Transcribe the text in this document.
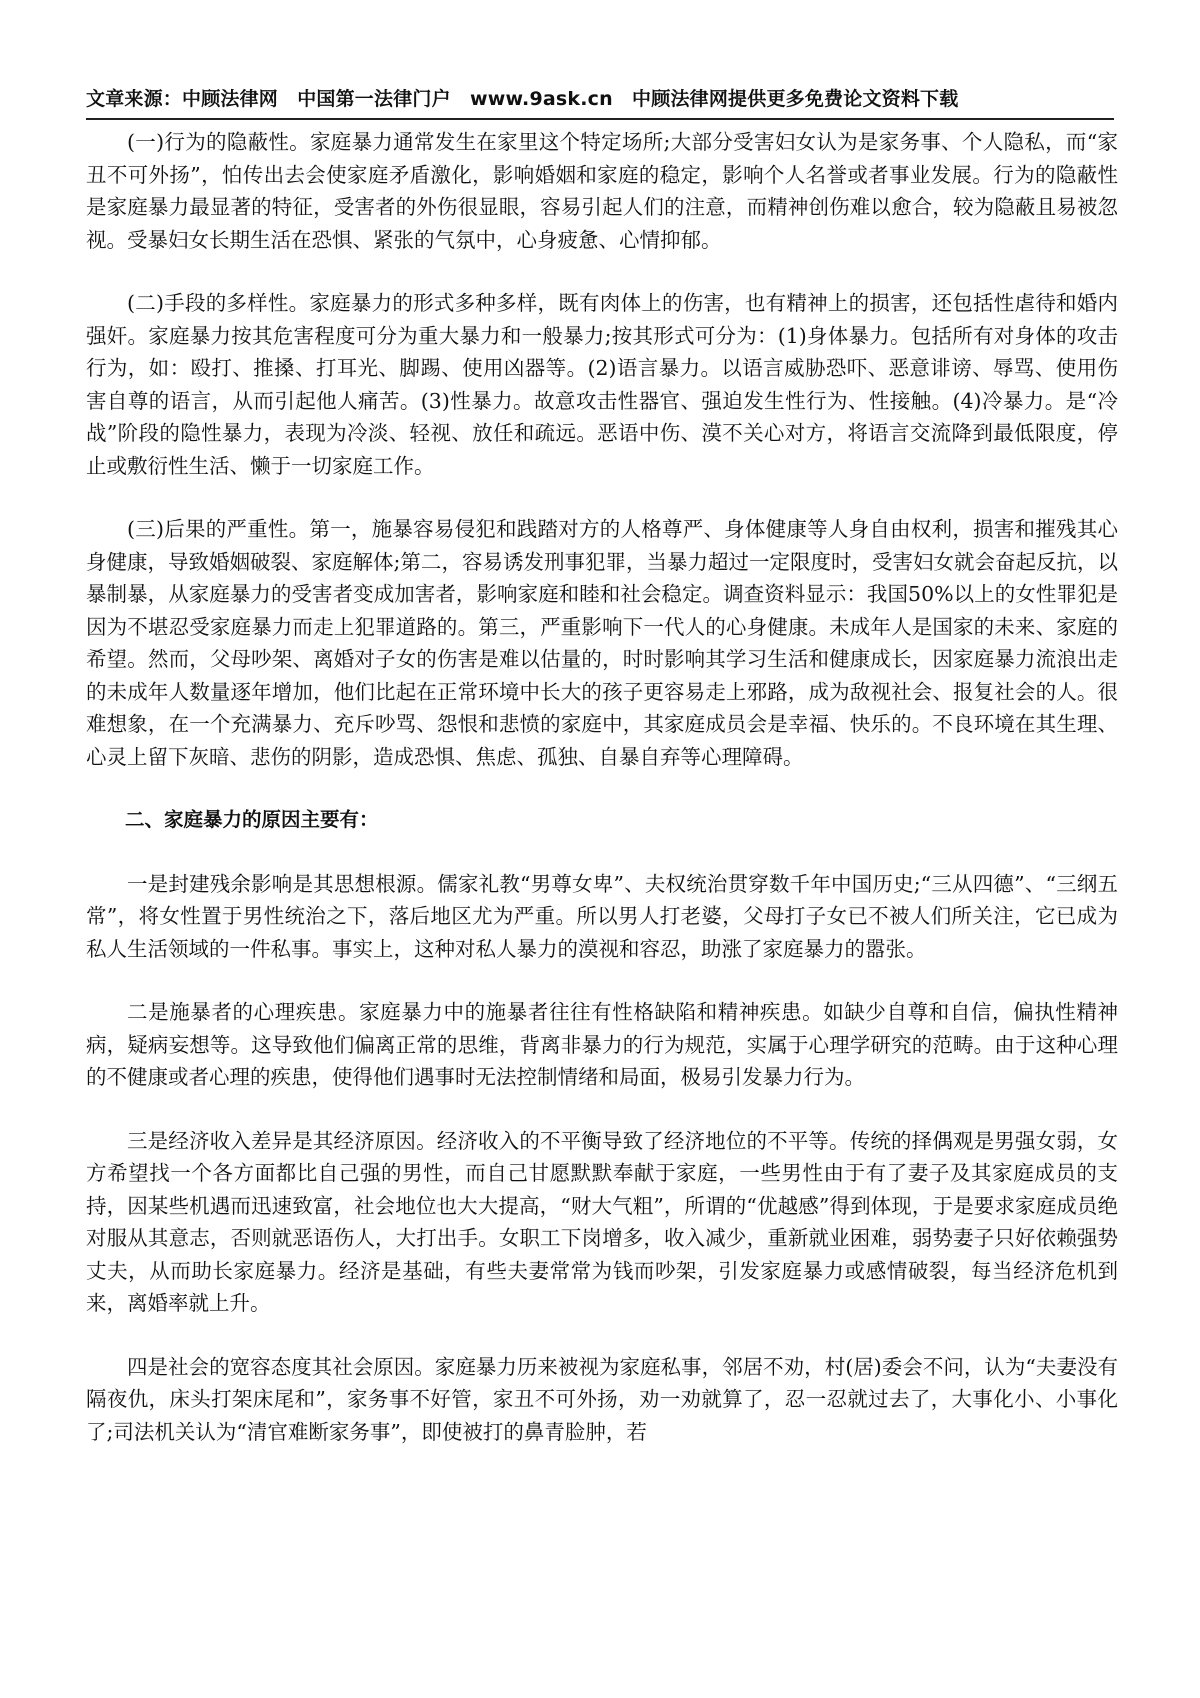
文章来源：中顾法律网　中国第一法律门户　www.9ask.cn　中顾法律网提供更多免费论文资料下载

(一)行为的隐蔽性。家庭暴力通常发生在家里这个特定场所;大部分受害妇女认为是家务事、个人隐私，而“家丑不可外扬”，怕传出去会使家庭矛盾激化，影响婚姻和家庭的稳定，影响个人名誉或者事业发展。行为的隐蔽性是家庭暴力最显著的特征，受害者的外伤很显眼，容易引起人们的注意，而精神创伤难以愈合，较为隐蔽且易被忽视。受暴妇女长期生活在恐惧、紧张的气氛中，心身疲惫、心情抑郁。

(二)手段的多样性。家庭暴力的形式多种多样，既有肉体上的伤害，也有精神上的损害，还包括性虐待和婚内强奸。家庭暴力按其危害程度可分为重大暴力和一般暴力;按其形式可分为：(1)身体暴力。包括所有对身体的攻击行为，如：殴打、推搡、打耳光、脚踢、使用凶器等。(2)语言暴力。以语言威胁恐吓、恶意诽谤、辱骂、使用伤害自尊的语言，从而引起他人痛苦。(3)性暴力。故意攻击性器官、强迫发生性行为、性接触。(4)冷暴力。是“冷战”阶段的隐性暴力，表现为冷淡、轻视、放任和疏远。恶语中伤、漠不关心对方，将语言交流降到最低限度，停止或敷衍性生活、懒于一切家庭工作。

(三)后果的严重性。第一，施暴容易侵犯和践踏对方的人格尊严、身体健康等人身自由权利，损害和摧残其心身健康，导致婚姻破裂、家庭解体;第二，容易诱发刑事犯罪，当暴力超过一定限度时，受害妇女就会奋起反抗，以暴制暴，从家庭暴力的受害者变成加害者，影响家庭和睦和社会稳定。调查资料显示：我国50%以上的女性罪犯是因为不堪忍受家庭暴力而走上犯罪道路的。第三，严重影响下一代人的心身健康。未成年人是国家的未来、家庭的希望。然而，父母吵架、离婚对子女的伤害是难以估量的，时时影响其学习生活和健康成长，因家庭暴力流浪出走的未成年人数量逐年增加，他们比起在正常环境中长大的孩子更容易走上邪路，成为敌视社会、报复社会的人。很难想象，在一个充满暴力、充斥吵骂、怨恨和悲愤的家庭中，其家庭成员会是幸福、快乐的。不良环境在其生理、心灵上留下灰暗、悲伤的阴影，造成恐惧、焦虑、孤独、自暴自弃等心理障碍。

二、家庭暴力的原因主要有：

一是封建残余影响是其思想根源。儒家礼教“男尊女卑”、夫权统治贯穿数千年中国历史;“三从四德”、“三纲五常”，将女性置于男性统治之下，落后地区尤为严重。所以男人打老婆，父母打子女已不被人们所关注，它已成为私人生活领域的一件私事。事实上，这种对私人暴力的漠视和容忍，助涨了家庭暴力的嚣张。

二是施暴者的心理疾患。家庭暴力中的施暴者往往有性格缺陷和精神疾患。如缺少自尊和自信，偏执性精神病，疑病妄想等。这导致他们偏离正常的思维，背离非暴力的行为规范，实属于心理学研究的范畴。由于这种心理的不健康或者心理的疾患，使得他们遇事时无法控制情绪和局面，极易引发暴力行为。

三是经济收入差异是其经济原因。经济收入的不平衡导致了经济地位的不平等。传统的择偶观是男强女弱，女方希望找一个各方面都比自己强的男性，而自己甘愿默默奉献于家庭，一些男性由于有了妻子及其家庭成员的支持，因某些机遇而迅速致富，社会地位也大大提高，“财大气粗”，所谓的“优越感”得到体现，于是要求家庭成员绝对服从其意志，否则就恶语伤人，大打出手。女职工下岗增多，收入减少，重新就业困难，弱势妻子只好依赖强势丈夫，从而助长家庭暴力。经济是基础，有些夫妻常常为钱而吵架，引发家庭暴力或感情破裂，每当经济危机到来，离婚率就上升。

四是社会的宽容态度其社会原因。家庭暴力历来被视为家庭私事，邻居不劝，村(居)委会不问，认为“夫妻没有隔夜仇，床头打架床尾和”，家务事不好管，家丑不可外扬，劝一劝就算了，忍一忍就过去了，大事化小、小事化了;司法机关认为“清官难断家务事”，即使被打的鼻青脸肿，若
